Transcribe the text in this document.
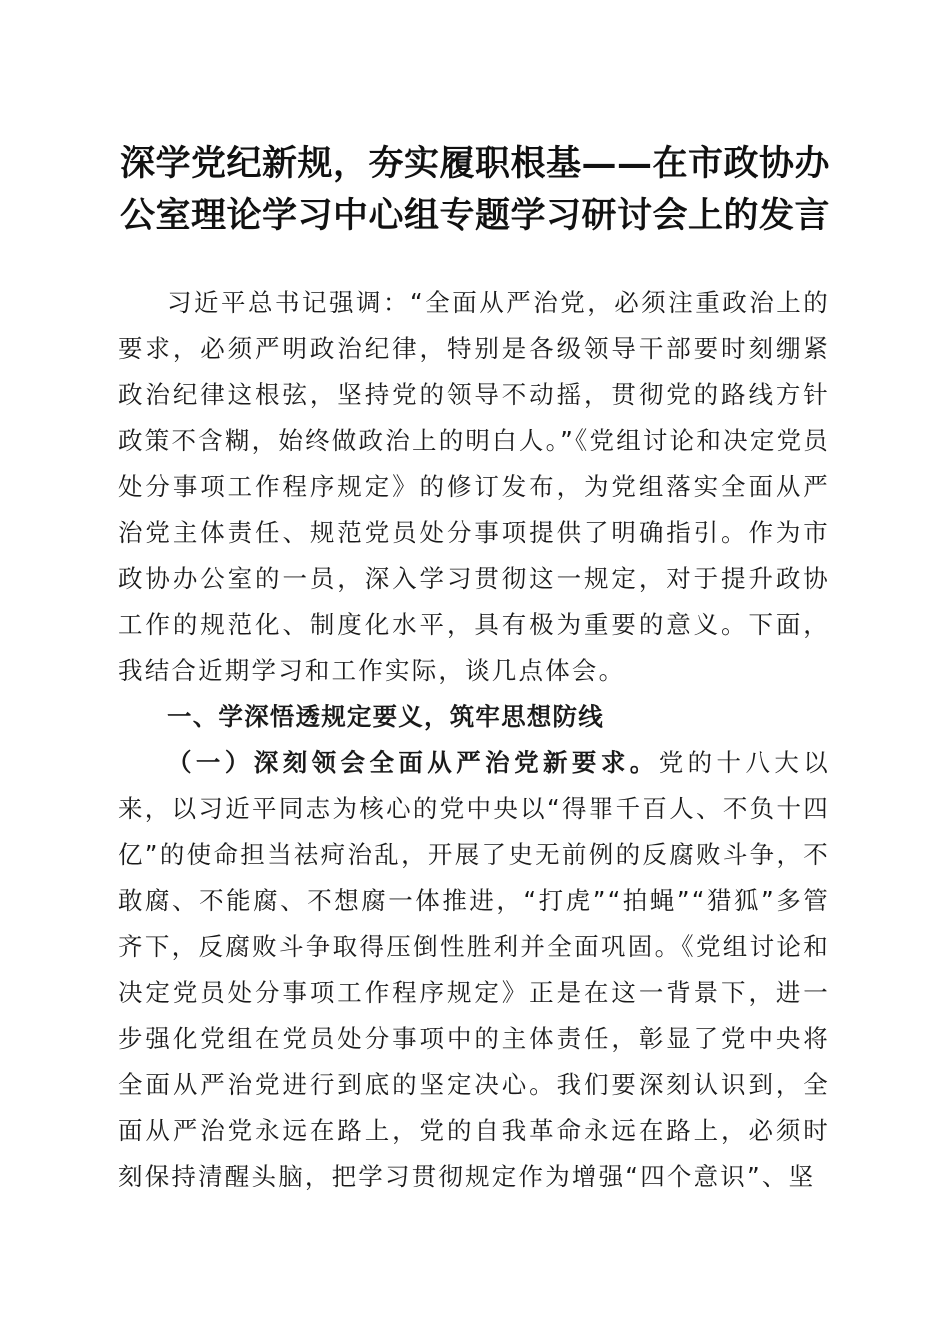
深学党纪新规，夯实履职根基——在市政协办
公室理论学习中心组专题学习研讨会上的发言

习近平总书记强调：“全面从严治党，必须注重政治上的要求，必须严明政治纪律，特别是各级领导干部要时刻绷紧政治纪律这根弦，坚持党的领导不动摇，贯彻党的路线方针政策不含糊，始终做政治上的明白人。”《党组讨论和决定党员处分事项工作程序规定》的修订发布，为党组落实全面从严治党主体责任、规范党员处分事项提供了明确指引。作为市政协办公室的一员，深入学习贯彻这一规定，对于提升政协工作的规范化、制度化水平，具有极为重要的意义。下面，我结合近期学习和工作实际，谈几点体会。

一、学深悟透规定要义，筑牢思想防线

（一）深刻领会全面从严治党新要求。党的十八大以来，以习近平同志为核心的党中央以“得罪千百人、不负十四亿”的使命担当祛疴治乱，开展了史无前例的反腐败斗争，不敢腐、不能腐、不想腐一体推进，“打虎”“拍蝇”“猎狐”多管齐下，反腐败斗争取得压倒性胜利并全面巩固。《党组讨论和决定党员处分事项工作程序规定》正是在这一背景下，进一步强化党组在党员处分事项中的主体责任，彰显了党中央将全面从严治党进行到底的坚定决心。我们要深刻认识到，全面从严治党永远在路上，党的自我革命永远在路上，必须时刻保持清醒头脑，把学习贯彻规定作为增强“四个意识”、坚
